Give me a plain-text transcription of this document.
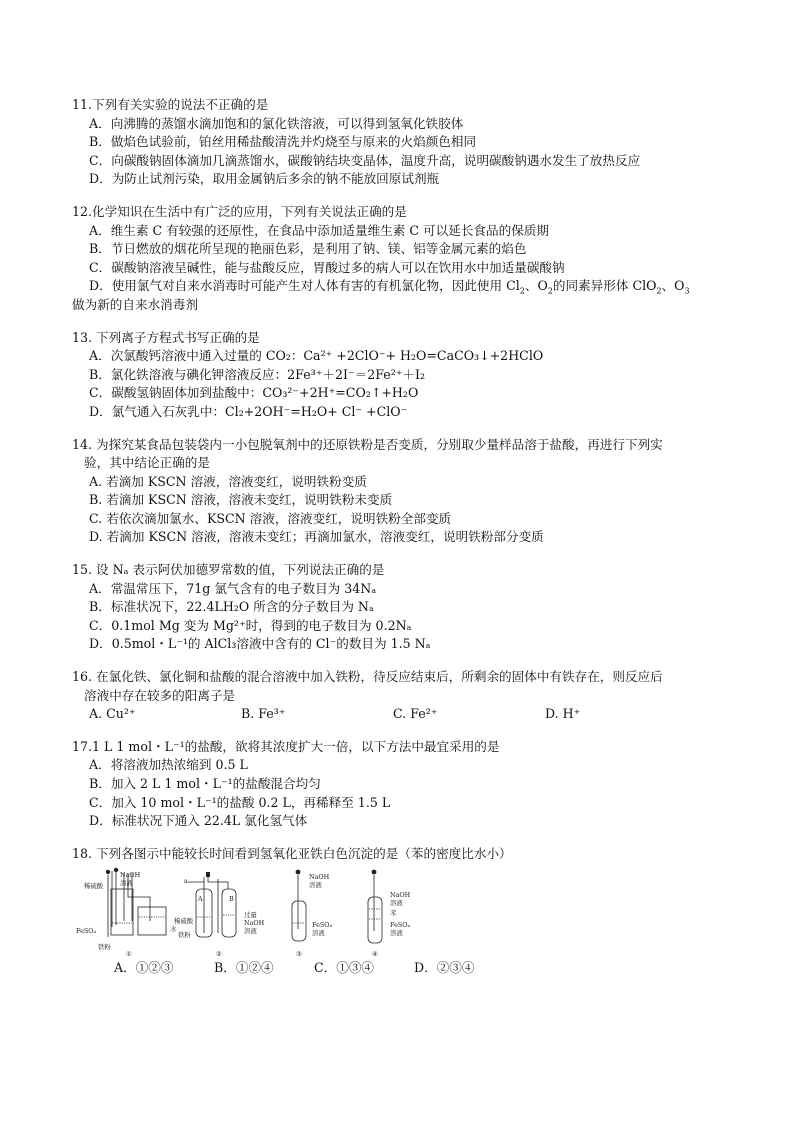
11.下列有关实验的说法不正确的是
A．向沸腾的蒸馏水滴加饱和的氯化铁溶液，可以得到氢氧化铁胶体
B．做焰色试验前，铂丝用稀盐酸清洗并灼烧至与原来的火焰颜色相同
C．向碳酸钠固体滴加几滴蒸馏水，碳酸钠结块变晶体，温度升高，说明碳酸钠遇水发生了放热反应
D．为防止试剂污染，取用金属钠后多余的钠不能放回原试剂瓶
12.化学知识在生活中有广泛的应用，下列有关说法正确的是
A．维生素 C 有较强的还原性，在食品中添加适量维生素 C 可以延长食品的保质期
B．节日燃放的烟花所呈现的艳丽色彩，是利用了钠、镁、铝等金属元素的焰色
C．碳酸钠溶液呈碱性，能与盐酸反应，胃酸过多的病人可以在饮用水中加适量碳酸钠
D．使用氯气对自来水消毒时可能产生对人体有害的有机氯化物，因此使用 $Cl_2$、$O_2$的同素异形体 ClO$_2$、$O_3$
做为新的自来水消毒剂
13. 下列离子方程式书写正确的是
A．次氯酸钙溶液中通入过量的 CO₂：Ca²⁺ +2ClO⁻+ H₂O=CaCO₃↓+2HClO
B．氯化铁溶液与碘化钾溶液反应：2Fe³⁺＋2I⁻＝2Fe²⁺＋I₂
C．碳酸氢钠固体加到盐酸中：CO₃²⁻+2H⁺=CO₂↑+H₂O
D．氯气通入石灰乳中：Cl₂+2OH⁻=H₂O+ Cl⁻ +ClO⁻
14. 为探究某食品包装袋内一小包脱氧剂中的还原铁粉是否变质，分别取少量样品溶于盐酸，再进行下列实
验，其中结论正确的是
A. 若滴加 KSCN 溶液，溶液变红，说明铁粉变质
B. 若滴加 KSCN 溶液，溶液未变红，说明铁粉未变质
C. 若依次滴加氯水、KSCN 溶液，溶液变红，说明铁粉全部变质
D. 若滴加 KSCN 溶液，溶液未变红；再滴加氯水，溶液变红，说明铁粉部分变质
15. 设 Nₐ 表示阿伏加德罗常数的值，下列说法正确的是
A．常温常压下，71g 氯气含有的电子数目为 34Nₐ
B．标准状况下，22.4LH₂O 所含的分子数目为 Nₐ
C．0.1mol Mg 变为 Mg²⁺时，得到的电子数目为 0.2Nₐ
D．0.5mol・L⁻¹的 AlCl₃溶液中含有的 Cl⁻的数目为 1.5 Nₐ
16. 在氯化铁、氯化铜和盐酸的混合溶液中加入铁粉，待反应结束后，所剩余的固体中有铁存在，则反应后
溶液中存在较多的阳离子是
A. Cu²⁺	B. Fe³⁺	C. Fe²⁺	D. H⁺
17.1 L 1 mol・L⁻¹的盐酸，欲将其浓度扩大一倍，以下方法中最宜采用的是
A．将溶液加热浓缩到 0.5 L
B．加入 2 L 1 mol・L⁻¹的盐酸混合均匀
C．加入 10 mol・L⁻¹的盐酸 0.2 L，再稀释至 1.5 L
D．标准状况下通入 22.4L 氯化氢气体
18. 下列各图示中能较长时间看到氢氧化亚铁白色沉淀的是（苯的密度比水小）
稀硫酸
NaOH
溶液
FeSO₄	水
铁粉
①
a
A	B
稀硫酸
铁粉
过量
NaOH
溶液
②
NaOH
溶液
FeSO₄
溶液
③
NaOH
溶液
苯
FeSO₄
溶液
④
A．①②③	B．①②④	C．①③④	D．②③④
